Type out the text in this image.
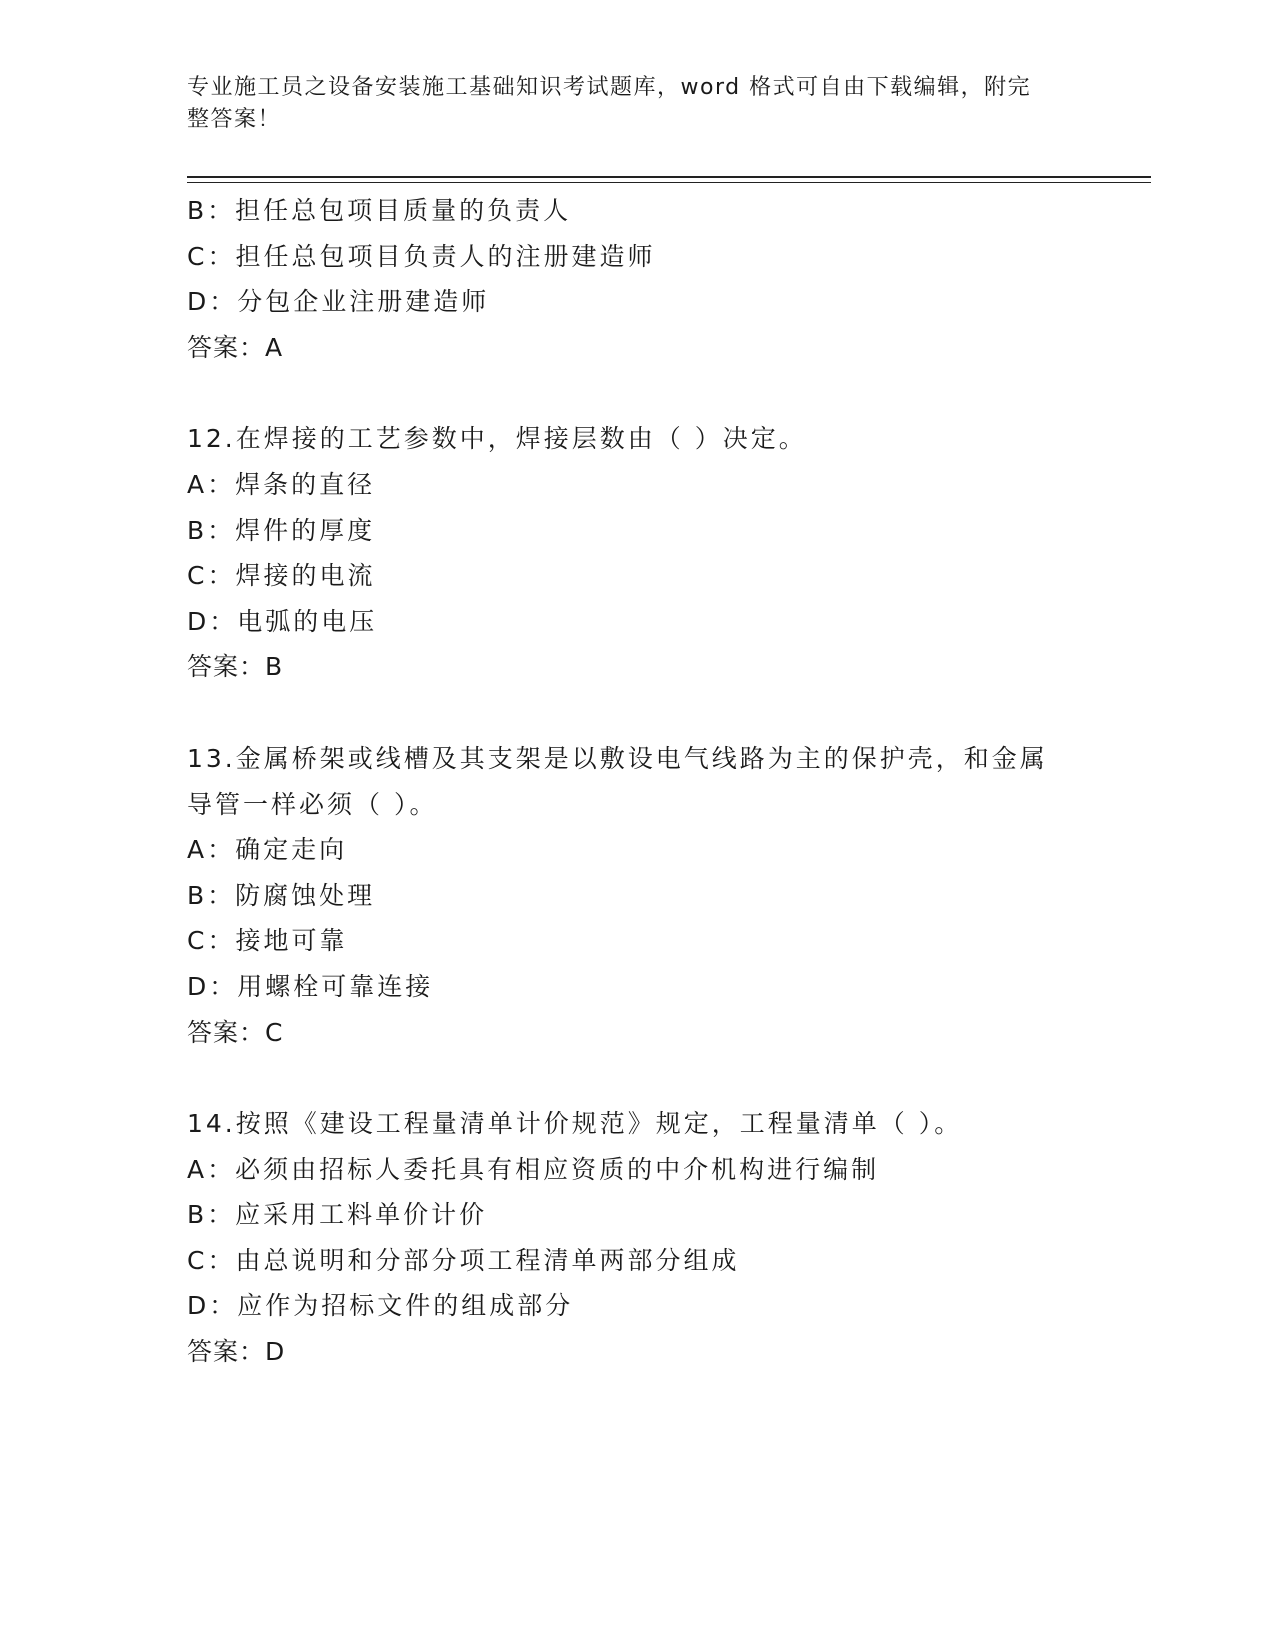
专业施工员之设备安装施工基础知识考试题库，word 格式可自由下载编辑，附完
整答案！
B：担任总包项目质量的负责人
C：担任总包项目负责人的注册建造师
D：分包企业注册建造师
答案：A
12.在焊接的工艺参数中，焊接层数由（ ）决定。
A：焊条的直径
B：焊件的厚度
C：焊接的电流
D：电弧的电压
答案：B
13.金属桥架或线槽及其支架是以敷设电气线路为主的保护壳，和金属
导管一样必须（ ）。
A：确定走向
B：防腐蚀处理
C：接地可靠
D：用螺栓可靠连接
答案：C
14.按照《建设工程量清单计价规范》规定，工程量清单（ ）。
A：必须由招标人委托具有相应资质的中介机构进行编制
B：应采用工料单价计价
C：由总说明和分部分项工程清单两部分组成
D：应作为招标文件的组成部分
答案：D
